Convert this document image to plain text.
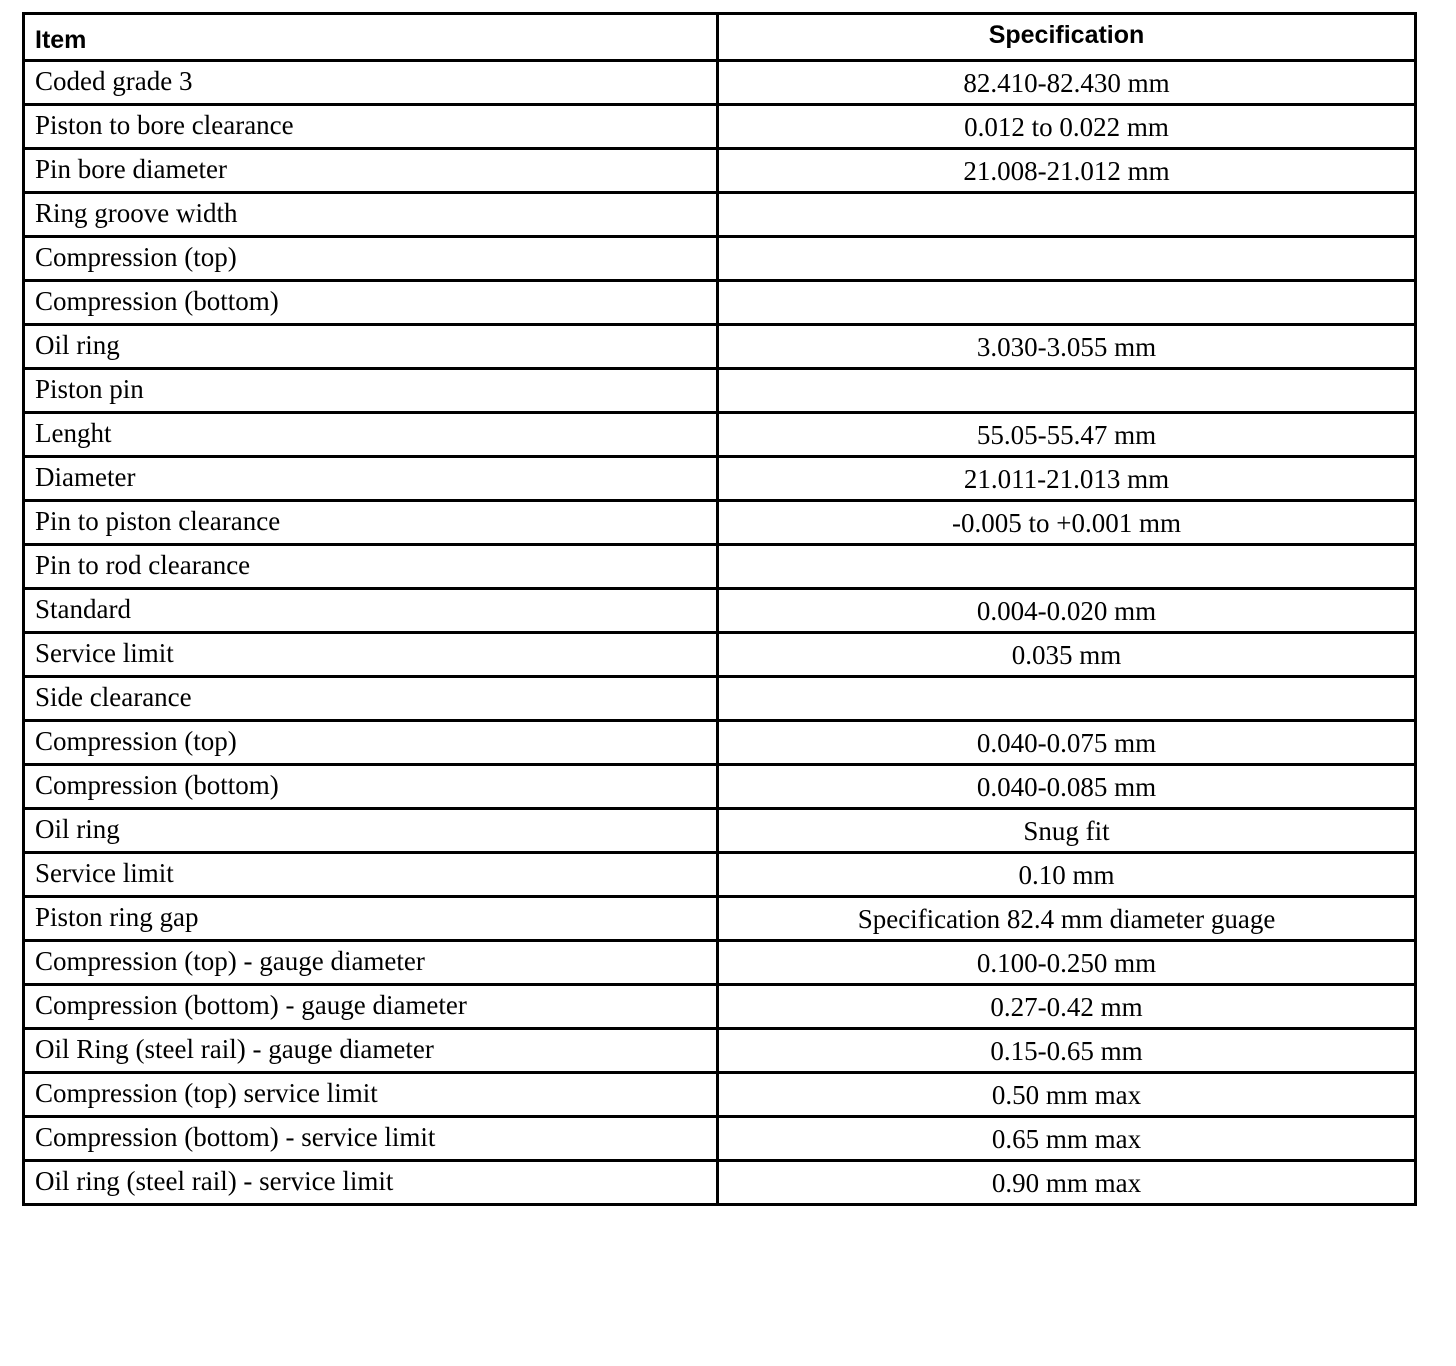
Item	Specification
Coded grade 3	82.410-82.430 mm
Piston to bore clearance	0.012 to 0.022 mm
Pin bore diameter	21.008-21.012 mm
Ring groove width	
Compression (top)	
Compression (bottom)	
Oil ring	3.030-3.055 mm
Piston pin	
Lenght	55.05-55.47 mm
Diameter	21.011-21.013 mm
Pin to piston clearance	-0.005 to +0.001 mm
Pin to rod clearance	
Standard	0.004-0.020 mm
Service limit	0.035 mm
Side clearance	
Compression (top)	0.040-0.075 mm
Compression (bottom)	0.040-0.085 mm
Oil ring	Snug fit
Service limit	0.10 mm
Piston ring gap	Specification 82.4 mm diameter guage
Compression (top) - gauge diameter	0.100-0.250 mm
Compression (bottom) - gauge diameter	0.27-0.42 mm
Oil Ring (steel rail) - gauge diameter	0.15-0.65 mm
Compression (top) service limit	0.50 mm max
Compression (bottom) - service limit	0.65 mm max
Oil ring (steel rail) - service limit	0.90 mm max
